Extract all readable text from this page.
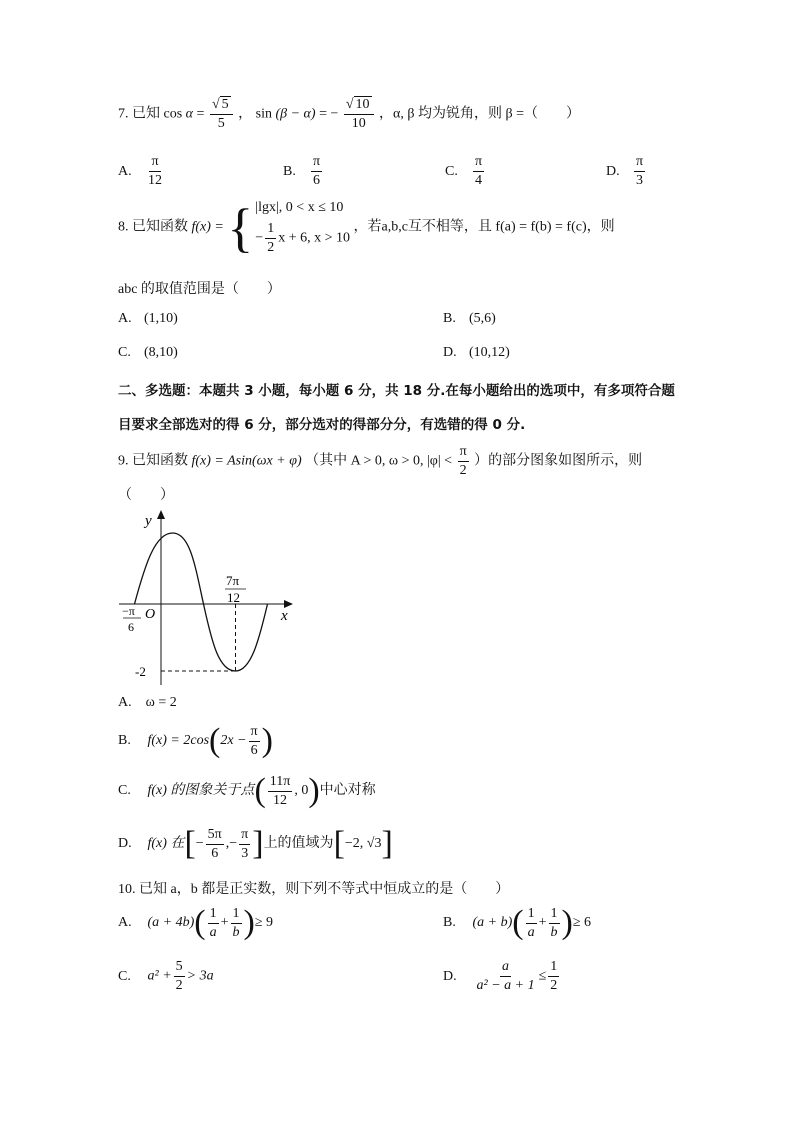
7. 已知 $\cos \alpha = \frac{√ 5}{5}$ ， sin (β − α) = − $\frac{√ 10}{10}$ ，α, β 均为锐角，则 β =（　　）
A. $\frac{\pi}{12}$	B. $\frac{\pi}{6}$	C. $\frac{\pi}{4}$	D. $\frac{\pi}{3}$
8. 已知函数 f(x) = { |lgx|, 0 < x ≤ 10
− $\frac{1}{2}$ x + 6, x > 10
，若a,b,c互不相等，且 f(a) = f(b) = f(c)，则
abc 的取值范围是（　　）
A. (1,10)	B. (5,6)
C. (8,10)	D. (10,12)
二、多选题：本题共 3 小题，每小题 6 分，共 18 分.在每小题给出的选项中，有多项符合题
目要求全部选对的得 6 分，部分选对的得部分分，有选错的得 0 分.
9. 已知函数 f(x) = Asin(ωx + φ) （其中 A > 0, ω > 0, $|\varphi| < \frac{\pi}{2}$ ）的部分图象如图所示，则
（　　）
y
x
O
−π
6
7π
12
-2
A.　ω = 2
B. $f(x) = 2\cos(2x - \frac{\pi}{6}$ )
C. f(x) 的图象关于点( $\frac{11\pi}{12}$ , 0)中心对称
D. f(x) 在[− $\frac{5\pi}{6}$ ,− $\frac{\pi}{3}$ ]上的值域为[−2, √3]
10. 已知 a，b 都是正实数，则下列不等式中恒成立的是（　　）
A. $(a + 4b)( \frac{1}{a} + \frac{1}{b}$ )≥ 9	B. $(a + b)( \frac{1}{a} + \frac{1}{b}$ )≥ 6
C. $a^2 + \frac{5}{2} > 3a$	D. $\frac{a}{\text{a² − a + 1}} \le \frac{1}{2}$
